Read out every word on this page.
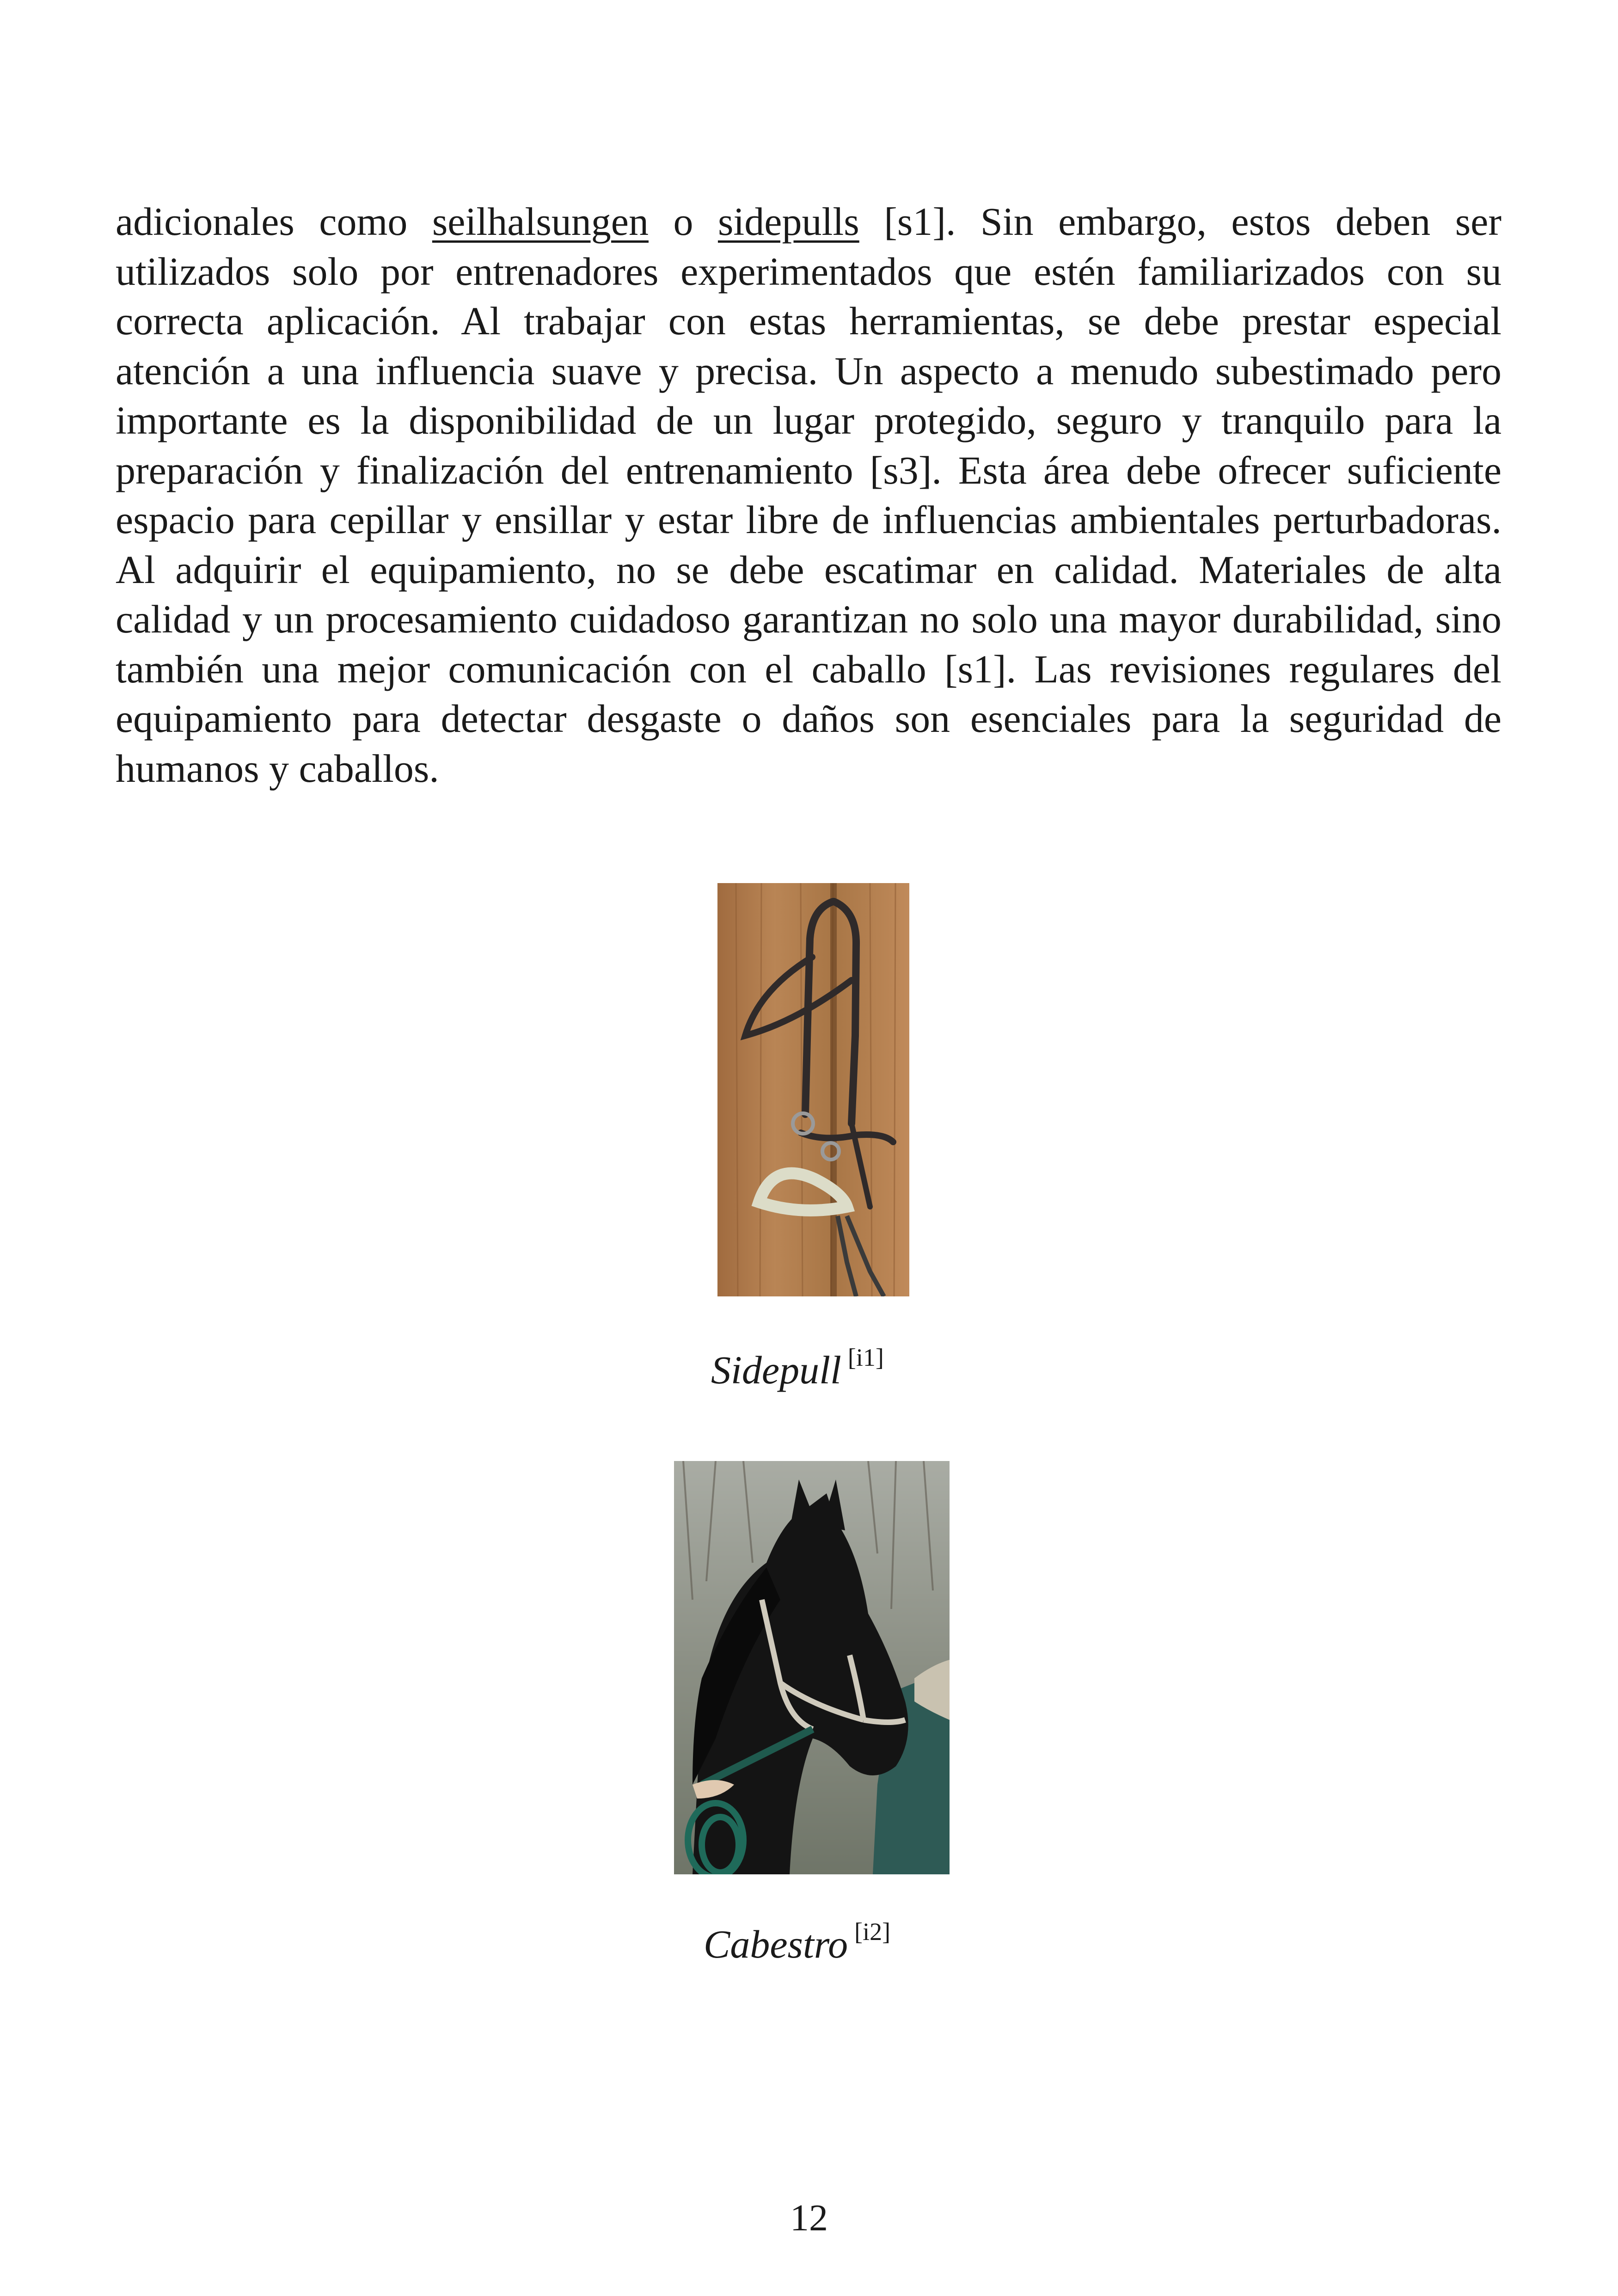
adicionales como seilhalsungen o sidepulls [s1]. Sin embargo, estos deben ser utilizados solo por entrenadores experimentados que estén familiarizados con su correcta aplicación. Al trabajar con estas herramientas, se debe prestar especial atención a una influencia suave y precisa. Un aspecto a menudo subestimado pero importante es la disponibilidad de un lugar protegido, seguro y tranquilo para la preparación y finalización del entrenamiento [s3]. Esta área debe ofrecer suficiente espacio para cepillar y ensillar y estar libre de influencias ambientales perturbadoras. Al adquirir el equipamiento, no se debe escatimar en calidad. Materiales de alta calidad y un procesamiento cuidadoso garantizan no solo una mayor durabilidad, sino también una mejor comunicación con el caballo [s1]. Las revisiones regulares del equipamiento para detectar desgaste o daños son esenciales para la seguridad de humanos y caballos.

Sidepull [i1]
Cabestro [i2]
12
